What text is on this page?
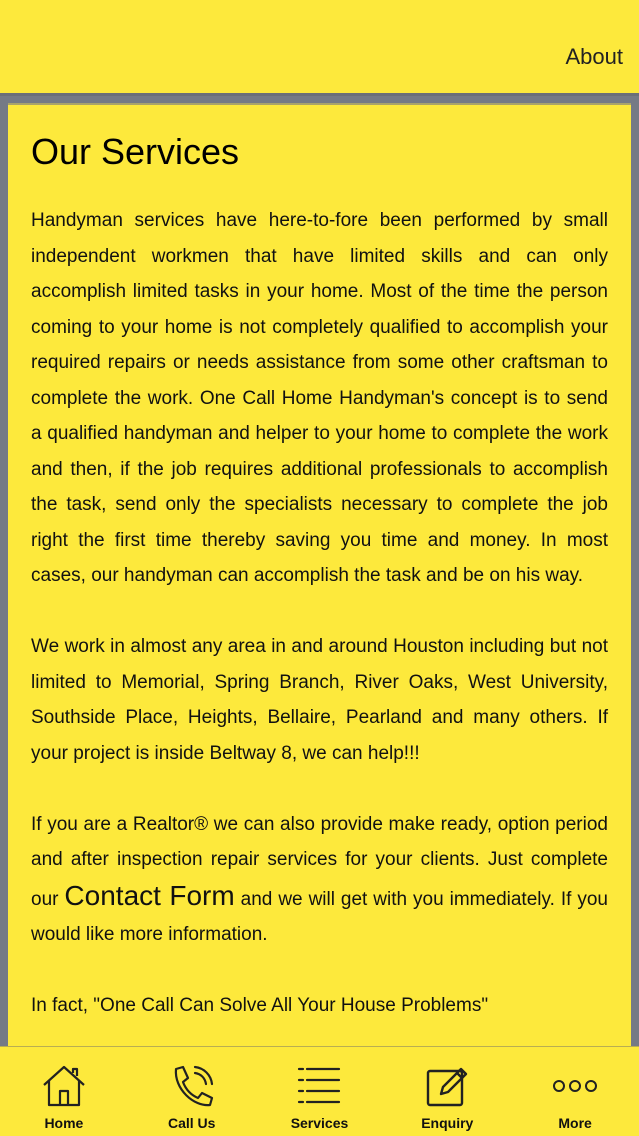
About
Our Services

Handyman services have here-to-fore been performed by small independent workmen that have limited skills and can only accomplish limited tasks in your home. Most of the time the person coming to your home is not completely qualified to accomplish your required repairs or needs assistance from some other craftsman to complete the work. One Call Home Handyman's concept is to send a qualified handyman and helper to your home to complete the work and then, if the job requires additional professionals to accomplish the task, send only the specialists necessary to complete the job right the first time thereby saving you time and money. In most cases, our handyman can accomplish the task and be on his way.

We work in almost any area in and around Houston including but not limited to Memorial, Spring Branch, River Oaks, West University, Southside Place, Heights, Bellaire, Pearland and many others. If your project is inside Beltway 8, we can help!!!

If you are a Realtor® we can also provide make ready, option period and after inspection repair services for your clients. Just complete our Contact Form and we will get with you immediately. If you would like more information.

In fact, "One Call Can Solve All Your House Problems"

Home	Call Us	Services	Enquiry	More
